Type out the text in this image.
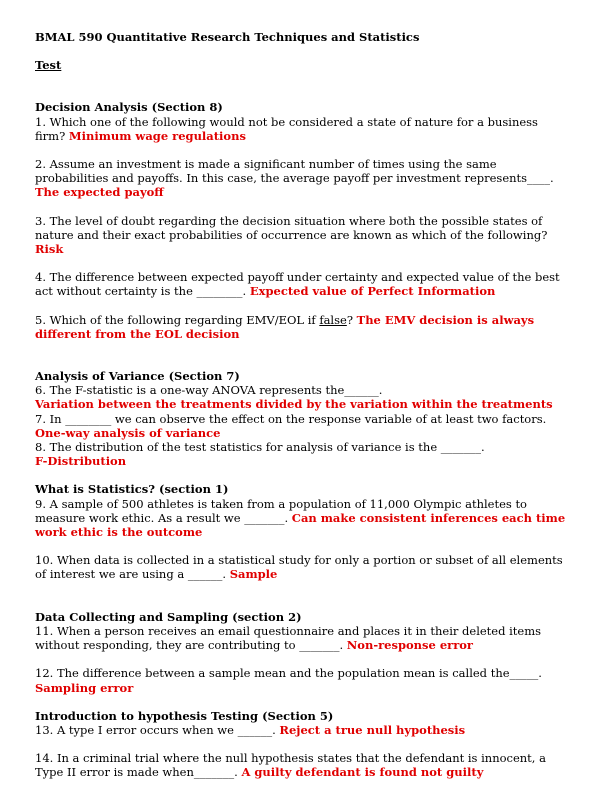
BMAL 590 Quantitative Research Techniques and Statistics

Test

Decision Analysis (Section 8)

1. Which one of the following would not be considered a state of nature for a business firm? Minimum wage regulations

2. Assume an investment is made a significant number of times using the same probabilities and payoffs. In this case, the average payoff per investment represents____. The expected payoff

3. The level of doubt regarding the decision situation where both the possible states of nature and their exact probabilities of occurrence are known as which of the following? Risk

4. The difference between expected payoff under certainty and expected value of the best act without certainty is the ________. Expected value of Perfect Information

5. Which of the following regarding EMV/EOL if false? The EMV decision is always different from the EOL decision

Analysis of Variance (Section 7)

6. The F-statistic is a one-way ANOVA represents the______.

Variation between the treatments divided by the variation within the treatments

7. In ________ we can observe the effect on the response variable of at least two factors.

One-way analysis of variance

8. The distribution of the test statistics for analysis of variance is the _______.

F-Distribution

What is Statistics? (section 1)

9. A sample of 500 athletes is taken from a population of 11,000 Olympic athletes to measure work ethic. As a result we _______. Can make consistent inferences each time work ethic is the outcome

10. When data is collected in a statistical study for only a portion or subset of all elements of interest we are using a ______. Sample

Data Collecting and Sampling (section 2)

11. When a person receives an email questionnaire and places it in their deleted items without responding, they are contributing to _______. Non-response error

12. The difference between a sample mean and the population mean is called the_____. Sampling error

Introduction to hypothesis Testing (Section 5)

13. A type I error occurs when we ______. Reject a true null hypothesis

14. In a criminal trial where the null hypothesis states that the defendant is innocent, a Type II error is made when_______. A guilty defendant is found not guilty
